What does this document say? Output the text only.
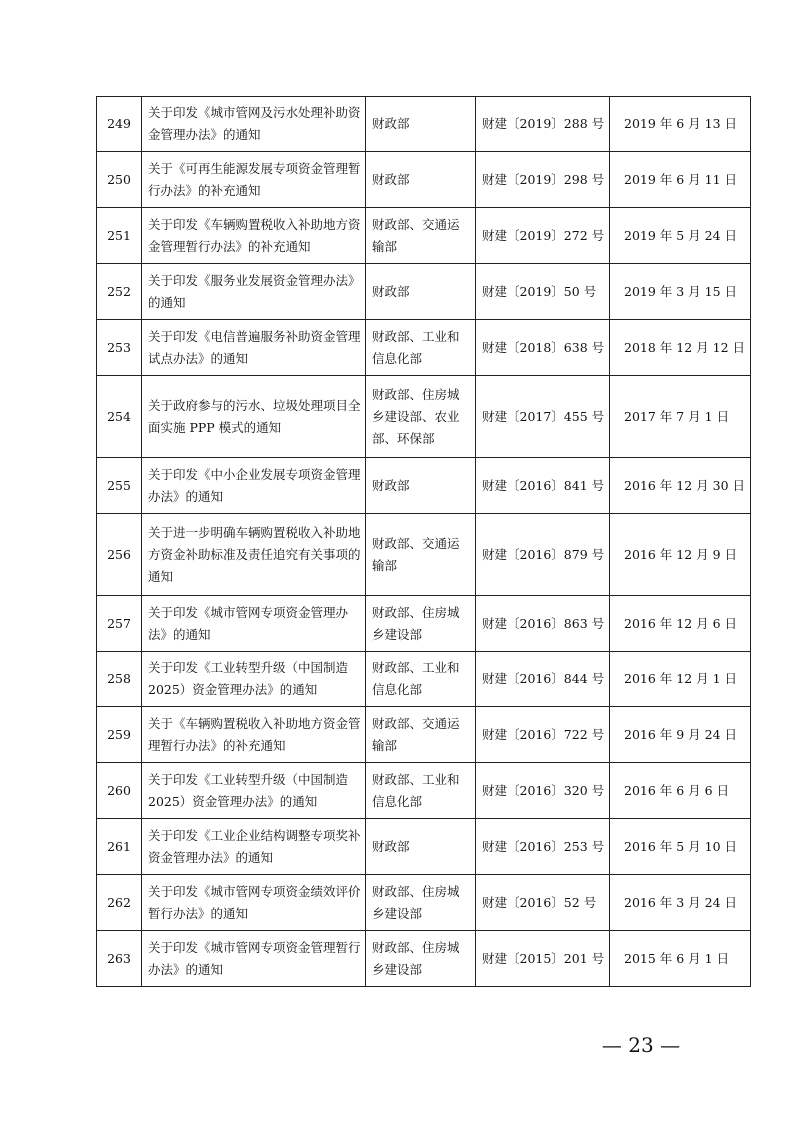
249	关于印发《城市管网及污水处理补助资金管理办法》的通知	财政部	财建〔2019〕288 号	2019 年 6 月 13 日
250	关于《可再生能源发展专项资金管理暂行办法》的补充通知	财政部	财建〔2019〕298 号	2019 年 6 月 11 日
251	关于印发《车辆购置税收入补助地方资金管理暂行办法》的补充通知	财政部、交通运输部	财建〔2019〕272 号	2019 年 5 月 24 日
252	关于印发《服务业发展资金管理办法》的通知	财政部	财建〔2019〕50 号	2019 年 3 月 15 日
253	关于印发《电信普遍服务补助资金管理试点办法》的通知	财政部、工业和信息化部	财建〔2018〕638 号	2018 年 12 月 12 日
254	关于政府参与的污水、垃圾处理项目全面实施 PPP 模式的通知	财政部、住房城乡建设部、农业部、环保部	财建〔2017〕455 号	2017 年 7 月 1 日
255	关于印发《中小企业发展专项资金管理办法》的通知	财政部	财建〔2016〕841 号	2016 年 12 月 30 日
256	关于进一步明确车辆购置税收入补助地方资金补助标准及责任追究有关事项的通知	财政部、交通运输部	财建〔2016〕879 号	2016 年 12 月 9 日
257	关于印发《城市管网专项资金管理办法》的通知	财政部、住房城乡建设部	财建〔2016〕863 号	2016 年 12 月 6 日
258	关于印发《工业转型升级（中国制造 2025）资金管理办法》的通知	财政部、工业和信息化部	财建〔2016〕844 号	2016 年 12 月 1 日
259	关于《车辆购置税收入补助地方资金管理暂行办法》的补充通知	财政部、交通运输部	财建〔2016〕722 号	2016 年 9 月 24 日
260	关于印发《工业转型升级（中国制造 2025）资金管理办法》的通知	财政部、工业和信息化部	财建〔2016〕320 号	2016 年 6 月 6 日
261	关于印发《工业企业结构调整专项奖补资金管理办法》的通知	财政部	财建〔2016〕253 号	2016 年 5 月 10 日
262	关于印发《城市管网专项资金绩效评价暂行办法》的通知	财政部、住房城乡建设部	财建〔2016〕52 号	2016 年 3 月 24 日
263	关于印发《城市管网专项资金管理暂行办法》的通知	财政部、住房城乡建设部	财建〔2015〕201 号	2015 年 6 月 1 日
— 23 —
